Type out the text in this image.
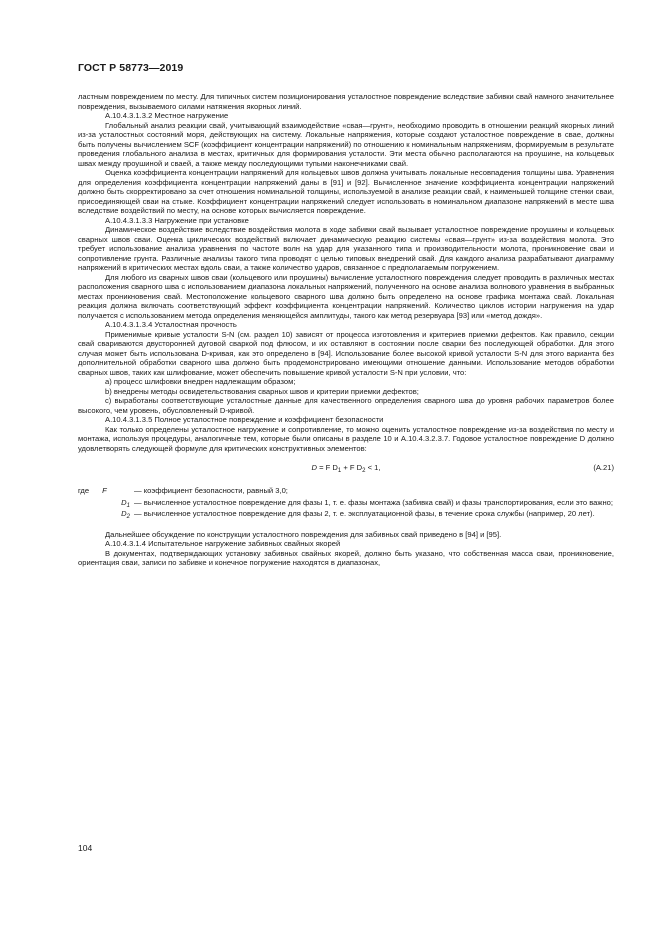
ГОСТ Р 58773—2019

ластным повреждением по месту. Для типичных систем позиционирования усталостное повреждение вследствие забивки свай намного значительнее повреждения, вызываемого силами натяжения якорных линий.

A.10.4.3.1.3.2 Местное нагружение

Глобальный анализ реакции свай, учитывающий взаимодействие «свая—грунт», необходимо проводить в отношении реакций якорных линий из-за усталостных состояний моря, действующих на систему. Локальные напряжения, которые создают усталостное повреждение в свае, должны быть получены вычислением SCF (коэффициент концентрации напряжений) по отношению к номинальным напряжениям, формируемым в результате проведения глобального анализа в местах, критичных для формирования усталости. Эти места обычно располагаются на проушине, на кольцевых швах между проушиной и сваей, а также между последующими тупыми наконечниками свай.

Оценка коэффициента концентрации напряжений для кольцевых швов должна учитывать локальные несовпадения толщины шва. Уравнения для определения коэффициента концентрации напряжений даны в [91] и [92]. Вычисленное значение коэффициента концентрации напряжений должно быть скорректировано за счет отношения номинальной толщины, используемой в анализе реакции свай, к наименьшей толщине стенки сваи, присоединяющей сваи на стыке. Коэффициент концентрации напряжений следует использовать в номинальном диапазоне напряжений в месте шва вследствие воздействий по месту, на основе которых вычисляется повреждение.

A.10.4.3.1.3.3 Нагружение при установке

Динамическое воздействие вследствие воздействия молота в ходе забивки свай вызывает усталостное повреждение проушины и кольцевых сварных швов сваи. Оценка циклических воздействий включает динамическую реакцию системы «свая—грунт» из-за воздействия молота. Это требует использование анализа уравнения по частоте волн на удар для указанного типа и производительности молота, проникновение сваи и сопротивление грунта. Различные анализы такого типа проводят с целью типовых внедрений свай. Для каждого анализа разрабатывают диаграмму напряжений в критических местах вдоль сваи, а также количество ударов, связанное с предполагаемым погружением.

Для любого из сварных швов сваи (кольцевого или проушины) вычисление усталостного повреждения следует проводить в различных местах расположения сварного шва с использованием диапазона локальных напряжений, полученного на основе анализа волнового уравнения в выбранных местах проникновения свай. Местоположение кольцевого сварного шва должно быть определено на основе графика монтажа свай. Локальная реакция должна включать соответствующий эффект коэффициента концентрации напряжений. Количество циклов истории нагружения на удар получается с использованием метода определения меняющейся амплитуды, такого как метод резервуара [93] или «метод дождя».

A.10.4.3.1.3.4 Усталостная прочность

Применимые кривые усталости S-N (см. раздел 10) зависят от процесса изготовления и критериев приемки дефектов. Как правило, секции свай свариваются двусторонней дуговой сваркой под флюсом, и их оставляют в состоянии после сварки без последующей обработки. Для этого случая может быть использована D-кривая, как это определено в [94]. Использование более высокой кривой усталости S-N для этого варианта без дополнительной обработки сварного шва должно быть продемонстрировано имеющими отношение данными. Использование методов обработки сварных швов, таких как шлифование, может обеспечить повышение кривой усталости S-N при условии, что:

a) процесс шлифовки внедрен надлежащим образом;

b) внедрены методы освидетельствования сварных швов и критерии приемки дефектов;

c) выработаны соответствующие усталостные данные для качественного определения сварного шва до уровня рабочих параметров более высокого, чем уровень, обусловленный D-кривой.

A.10.4.3.1.3.5 Полное усталостное повреждение и коэффициент безопасности

Как только определены усталостное нагружение и сопротивление, то можно оценить усталостное повреждение из-за воздействия по месту и монтажа, используя процедуры, аналогичные тем, которые были описаны в разделе 10 и A.10.4.3.2.3.7. Годовое усталостное повреждение D должно удовлетворять следующей формуле для критических конструктивных элементов:

D = F $D_1 + F$ $D_2 < 1$,	(A.21)
где F	— коэффициент безопасности, равный 3,0;
$D_1$ — вычисленное усталостное повреждение для фазы 1, т. е. фазы монтажа (забивка свай) и фазы транспортирования, если это важно;
$D_2$ — вычисленное усталостное повреждение для фазы 2, т. е. эксплуатационной фазы, в течение срока службы (например, 20 лет).

Дальнейшее обсуждение по конструкции усталостного повреждения для забивных свай приведено в [94] и [95].

A.10.4.3.1.4 Испытательное нагружение забивных свайных якорей

В документах, подтверждающих установку забивных свайных якорей, должно быть указано, что собственная масса сваи, проникновение, ориентация сваи, записи по забивке и конечное погружение находятся в диапазонах,

104
